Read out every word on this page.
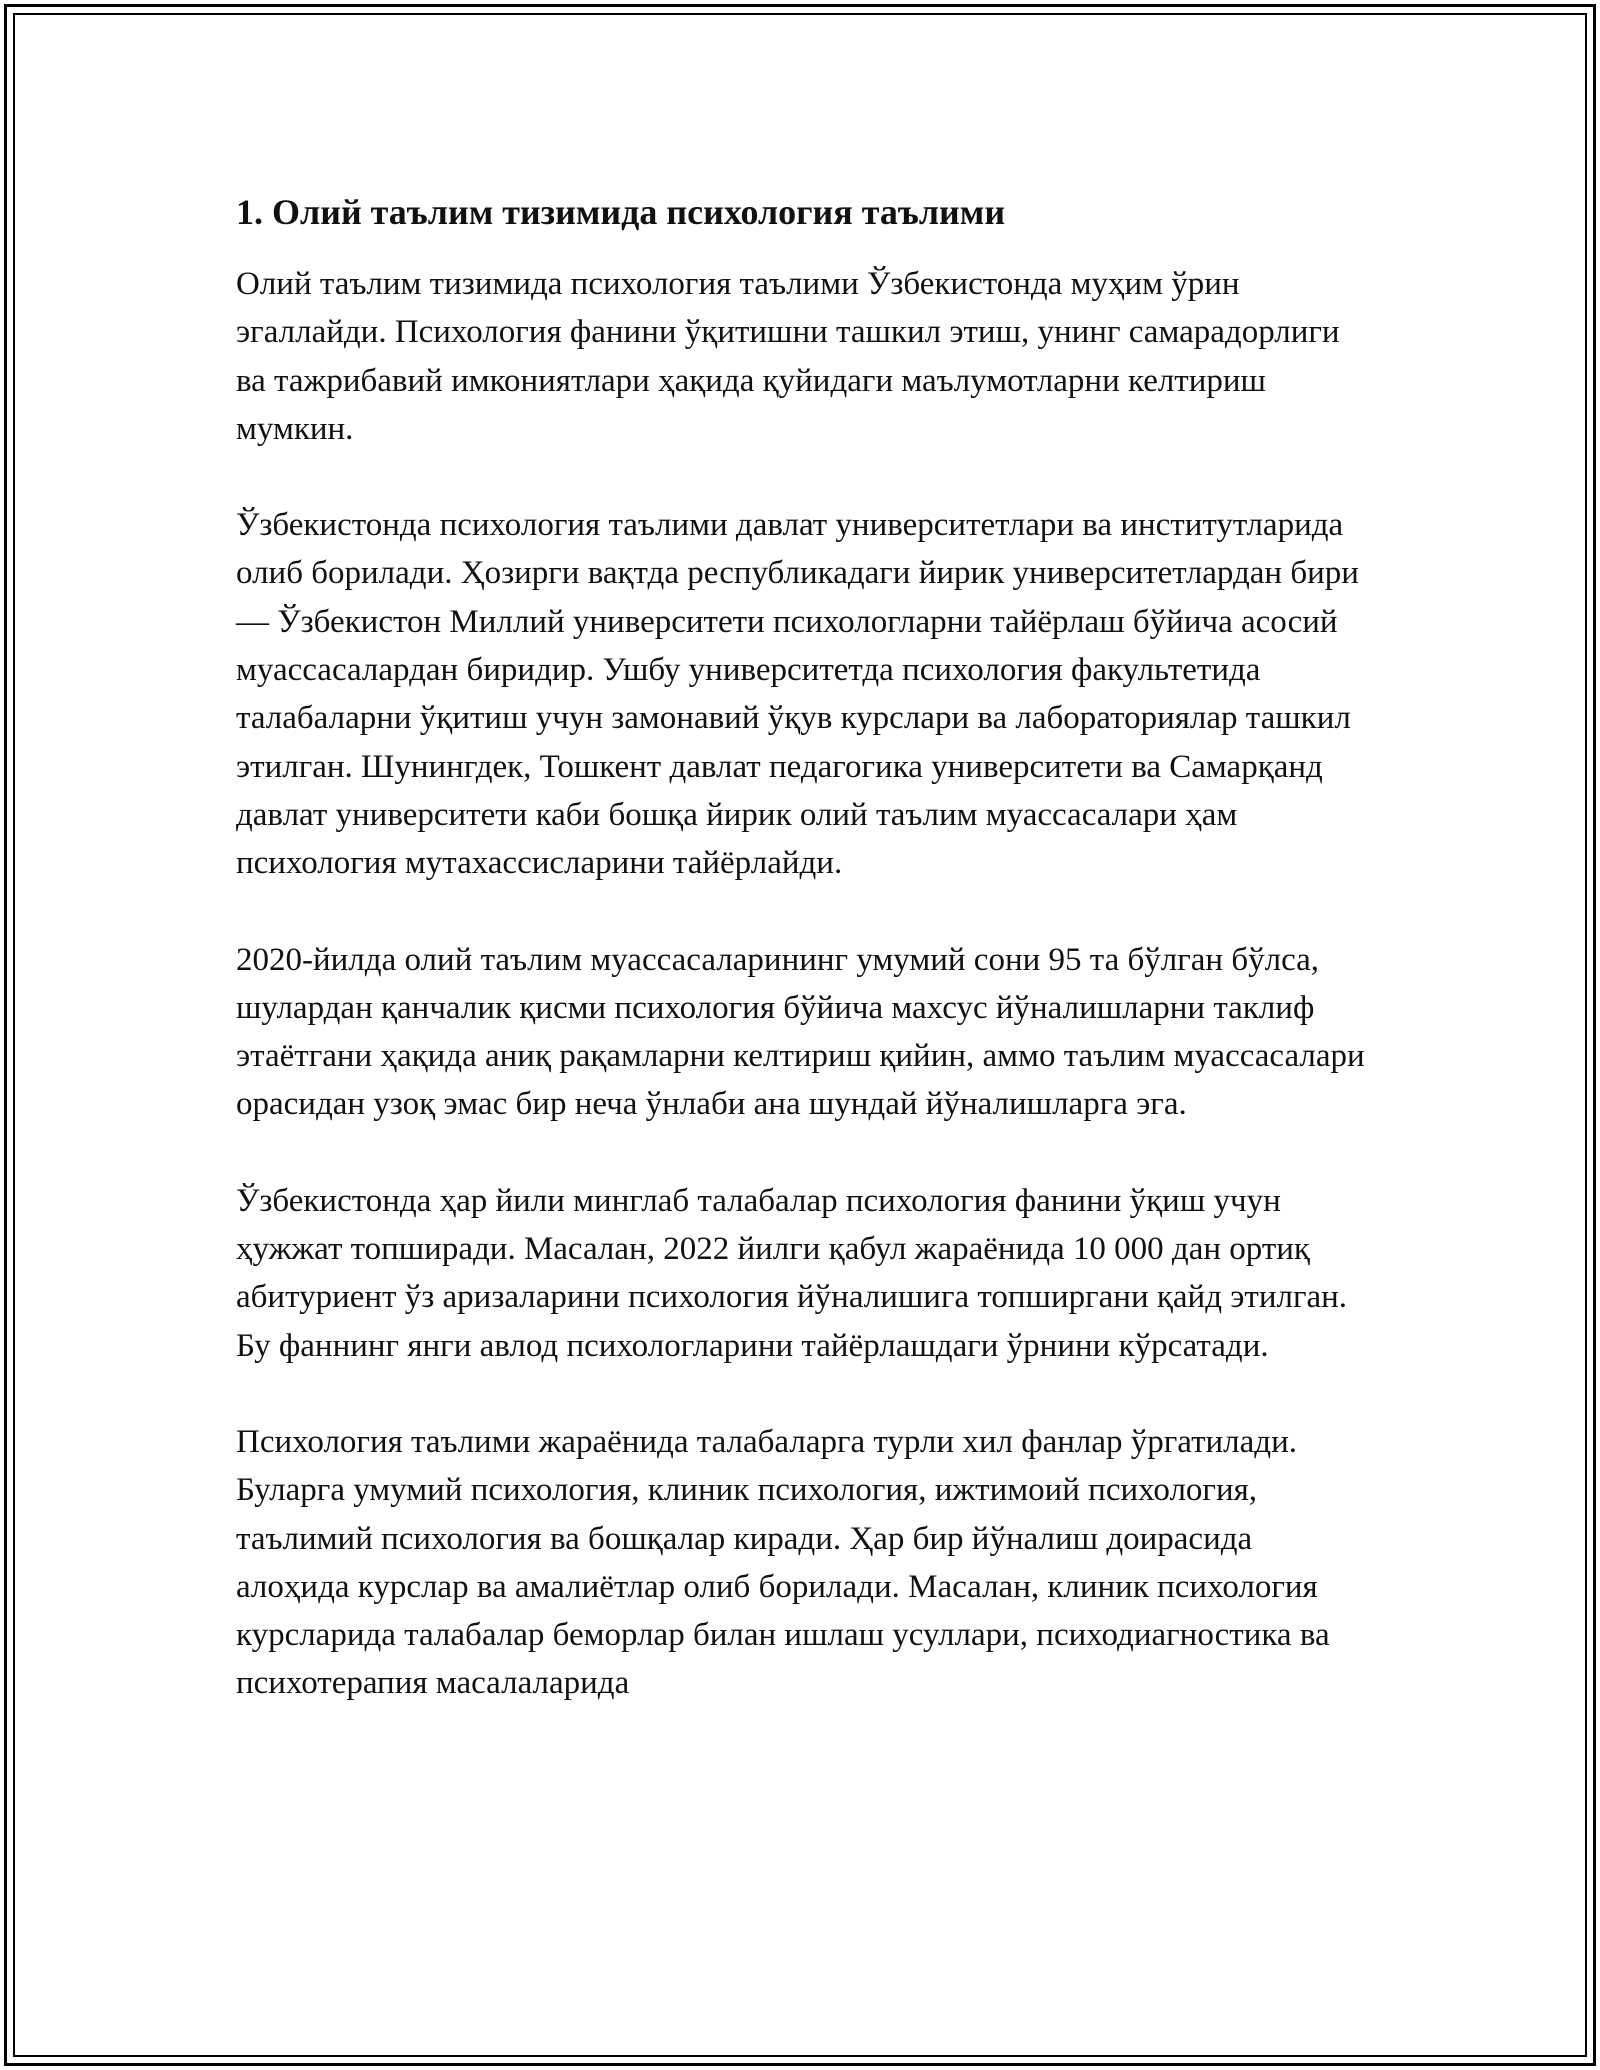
1. Олий таълим тизимида психология таълими

Олий таълим тизимида психология таълими Ўзбекистонда муҳим ўрин эгаллайди. Психология фанини ўқитишни ташкил этиш, унинг самарадорлиги ва тажрибавий имкониятлари ҳақида қуйидаги маълумотларни келтириш мумкин.

Ўзбекистонда психология таълими давлат университетлари ва институтларида олиб борилади. Ҳозирги вақтда республикадаги йирик университетлардан бири — Ўзбекистон Миллий университети психологларни тайёрлаш бўйича асосий муассасалардан биридир. Ушбу университетда психология факультетида талабаларни ўқитиш учун замонавий ўқув курслари ва лабораториялар ташкил этилган. Шунингдек, Тошкент давлат педагогика университети ва Самарқанд давлат университети каби бошқа йирик олий таълим муассасалари ҳам психология мутахассисларини тайёрлайди.

2020-йилда олий таълим муассасаларининг умумий сони 95 та бўлган бўлса, шулардан қанчалик қисми психология бўйича махсус йўналишларни таклиф этаётгани ҳақида аниқ рақамларни келтириш қийин, аммо таълим муассасалари орасидан узоқ эмас бир неча ўнлаби ана шундай йўналишларга эга.

Ўзбекистонда ҳар йили минглаб талабалар психология фанини ўқиш учун ҳужжат топширади. Масалан, 2022 йилги қабул жараёнида 10 000 дан ортиқ абитуриент ўз аризаларини психология йўналишига топширгани қайд этилган. Бу фаннинг янги авлод психологларини тайёрлашдаги ўрнини кўрсатади.

Психология таълими жараёнида талабаларга турли хил фанлар ўргатилади. Буларга умумий психология, клиник психология, ижтимоий психология, таълимий психология ва бошқалар киради. Ҳар бир йўналиш доирасида алоҳида курслар ва амалиётлар олиб борилади. Масалан, клиник психология курсларида талабалар беморлар билан ишлаш усуллари, психодиагностика ва психотерапия масалаларида
